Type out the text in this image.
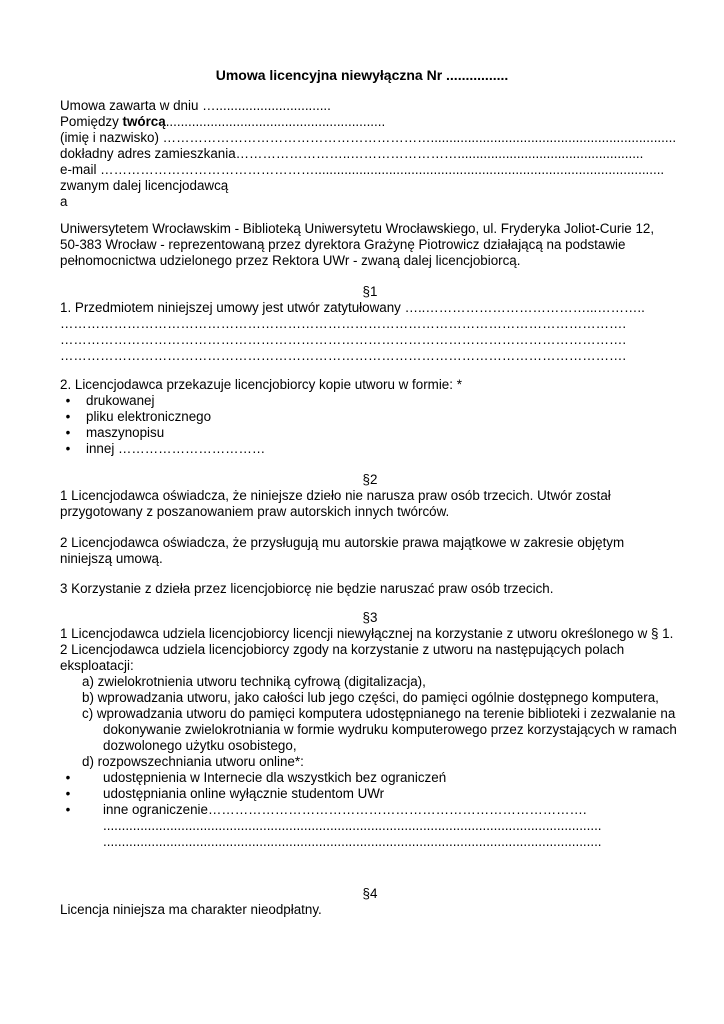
Umowa licencyjna niewyłączna Nr ................
Umowa zawarta w dniu …...............................
Pomiędzy twórcą...........................................................
(imię i nazwisko) ……………………………………………………..................................................................
dokładny adres zamieszkania……………………..……………………..................................................
e-mail …………………………………………..............................................................................................
zwanym dalej licencjodawcą
a
Uniwersytetem Wrocławskim - Biblioteką Uniwersytetu Wrocławskiego, ul. Fryderyka Joliot-Curie 12,
50-383 Wrocław - reprezentowaną przez dyrektora Grażynę Piotrowicz działającą na podstawie
pełnomocnictwa udzielonego przez Rektora UWr - zwaną dalej licencjobiorcą.
§1
1. Przedmiotem niniejszej umowy jest utwór zatytułowany …..………………………………...………..
……………………………………………………………………………………………………………….
……………………………………………………………………………………………………………….
……………………………………………………………………………………………………………….
2. Licencjodawca przekazuje licencjobiorcy kopie utworu w formie: *
• drukowanej
• pliku elektronicznego
• maszynopisu
• innej ……………………………
§2
1 Licencjodawca oświadcza, że niniejsze dzieło nie narusza praw osób trzecich. Utwór został
przygotowany z poszanowaniem praw autorskich innych twórców.
2 Licencjodawca oświadcza, że przysługują mu autorskie prawa majątkowe w zakresie objętym
niniejszą umową.
3 Korzystanie z dzieła przez licencjobiorcę nie będzie naruszać praw osób trzecich.
§3
1 Licencjodawca udziela licencjobiorcy licencji niewyłącznej na korzystanie z utworu określonego w § 1.
2 Licencjodawca udziela licencjobiorcy zgody na korzystanie z utworu na następujących polach
eksploatacji:
a) zwielokrotnienia utworu techniką cyfrową (digitalizacja),
b) wprowadzania utworu, jako całości lub jego części, do pamięci ogólnie dostępnego komputera,
c) wprowadzania utworu do pamięci komputera udostępnianego na terenie biblioteki i zezwalanie na
dokonywanie zwielokrotniania w formie wydruku komputerowego przez korzystających w ramach
dozwolonego użytku osobistego,
d) rozpowszechniania utworu online*:
• udostępnienia w Internecie dla wszystkich bez ograniczeń
• udostępniania online wyłącznie studentom UWr
• inne ograniczenie………………………………………………………………………….
......................................................................................................................................
......................................................................................................................................
§4
Licencja niniejsza ma charakter nieodpłatny.
